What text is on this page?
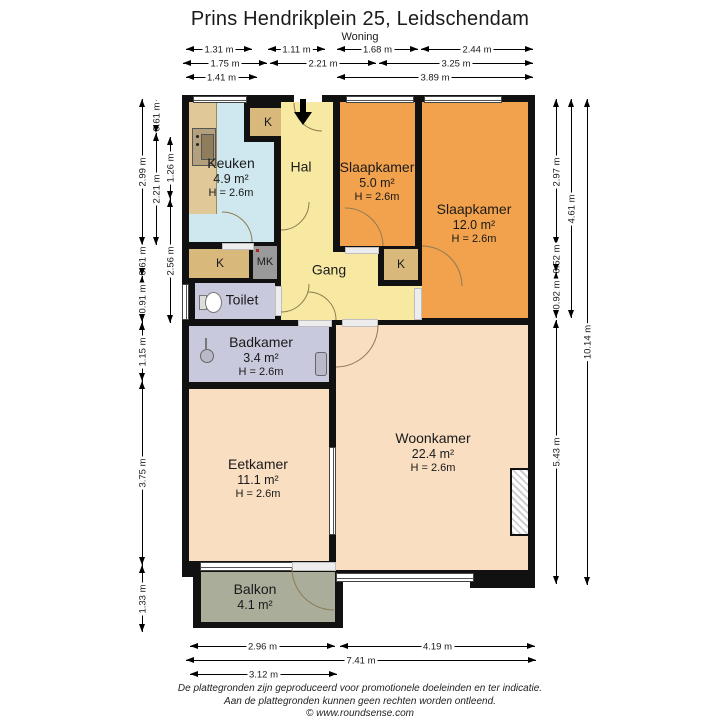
Prins Hendrikplein 25, Leidschendam
Woning
Keuken
4.9 m²
H = 2.6m
Hal Slaapkamer
5.0 m²
H = 2.6m
Slaapkamer
12.0 m²
H = 2.6m
Gang
Toilet
Badkamer
3.4 m²
H = 2.6m
Eetkamer
11.1 m²
H = 2.6m
Woonkamer
22.4 m²
H = 2.6m
Balkon
4.1 m²
K
K	MK	K
1.31 m	1.11 m	1.68 m	2.44 m
1.75 m	2.21 m	3.25 m
1.41 m	3.89 m
2.99 m
0.61 m
0.91 m
1.15 m
3.75 m
1.33 m
0.61 m
2.21 m
1.26 m
2.56 m
2.97 m
0.52 m
0.92 m
5.43 m
4.61 m
10.14 m
2.96 m	4.19 m
7.41 m
3.12 m
De plattegronden zijn geproduceerd voor promotionele doeleinden en ter indicatie.
Aan de plattegronden kunnen geen rechten worden ontleend.
© www.roundsense.com
